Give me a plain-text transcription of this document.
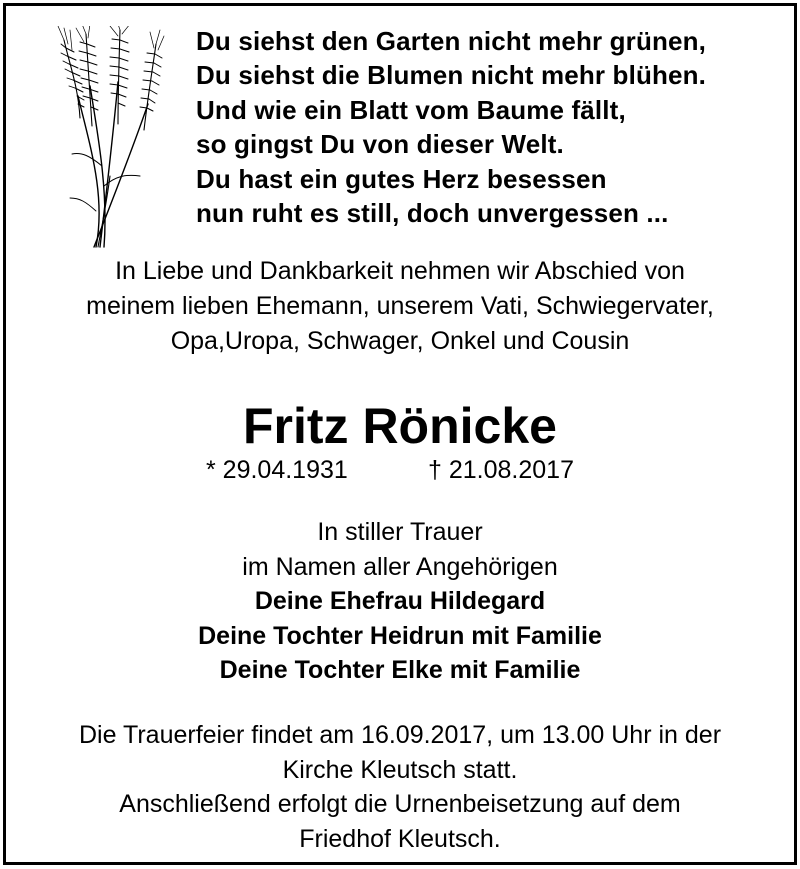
Du siehst den Garten nicht mehr grünen,
Du siehst die Blumen nicht mehr blühen.
Und wie ein Blatt vom Baume fällt,
so gingst Du von dieser Welt.
Du hast ein gutes Herz besessen
nun ruht es still, doch unvergessen ...
In Liebe und Dankbarkeit nehmen wir Abschied von
meinem lieben Ehemann, unserem Vati, Schwiegervater,
Opa,Uropa, Schwager, Onkel und Cousin
Fritz Rönicke
* 29.04.1931	† 21.08.2017
In stiller Trauer
im Namen aller Angehörigen
Deine Ehefrau Hildegard
Deine Tochter Heidrun mit Familie
Deine Tochter Elke mit Familie
Die Trauerfeier findet am 16.09.2017, um 13.00 Uhr in der
Kirche Kleutsch statt.
Anschließend erfolgt die Urnenbeisetzung auf dem
Friedhof Kleutsch.
